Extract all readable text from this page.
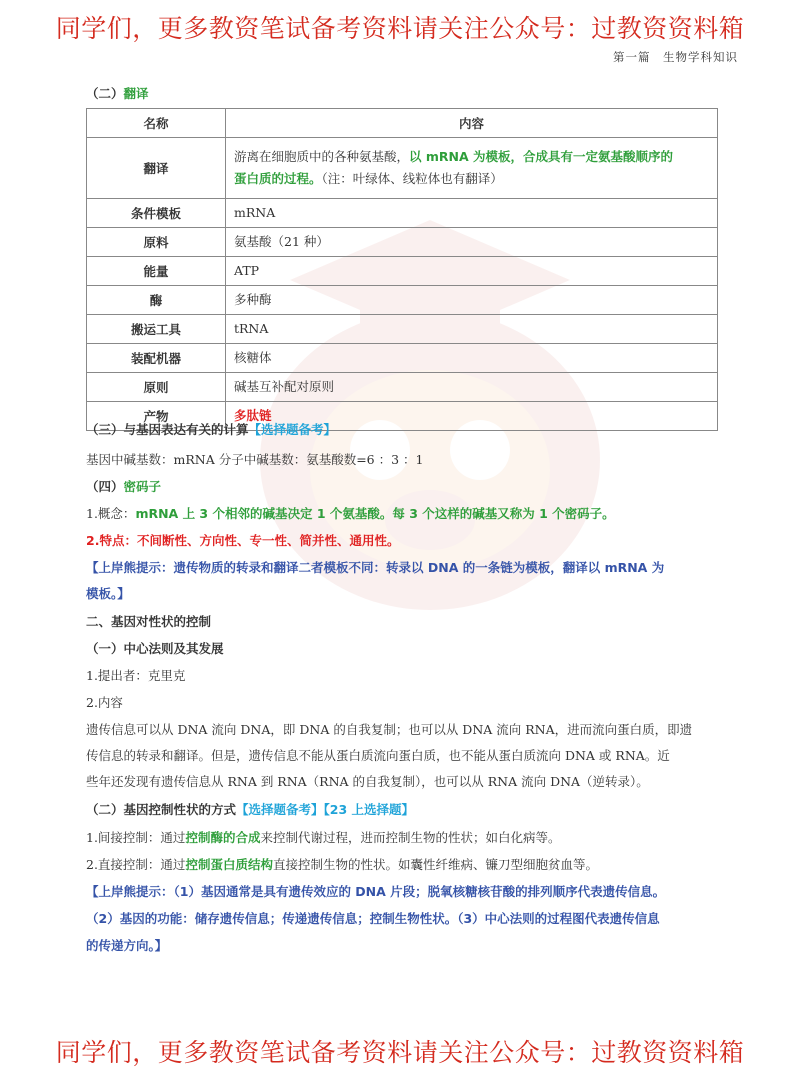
同学们，更多教资笔试备考资料请关注公众号：过教资资料箱
第一篇　生物学科知识
（二）翻译
名称	内容
翻译	游离在细胞质中的各种氨基酸，以 mRNA 为模板，合成具有一定氨基酸顺序的
蛋白质的过程。（注：叶绿体、线粒体也有翻译）
条件模板	mRNA
原料	氨基酸（21 种）
能量	ATP
酶	多种酶
搬运工具	tRNA
装配机器	核糖体
原则	碱基互补配对原则
产物	多肽链
（三）与基因表达有关的计算【选择题备考】
基因中碱基数：mRNA 分子中碱基数：氨基酸数=6 ：3 ：1
（四）密码子
1.概念：mRNA 上 3 个相邻的碱基决定 1 个氨基酸。每 3 个这样的碱基又称为 1 个密码子。
2.特点：不间断性、方向性、专一性、简并性、通用性。
【上岸熊提示：遗传物质的转录和翻译二者模板不同：转录以 DNA 的一条链为模板，翻译以 mRNA 为
模板。】
二、基因对性状的控制
（一）中心法则及其发展
1.提出者：克里克
2.内容
遗传信息可以从 DNA 流向 DNA，即 DNA 的自我复制；也可以从 DNA 流向 RNA，进而流向蛋白质，即遗
传信息的转录和翻译。但是，遗传信息不能从蛋白质流向蛋白质，也不能从蛋白质流向 DNA 或 RNA。近
些年还发现有遗传信息从 RNA 到 RNA（RNA 的自我复制），也可以从 RNA 流向 DNA（逆转录）。
（二）基因控制性状的方式【选择题备考】【23 上选择题】
1.间接控制：通过控制酶的合成来控制代谢过程，进而控制生物的性状；如白化病等。
2.直接控制：通过控制蛋白质结构直接控制生物的性状。如囊性纤维病、镰刀型细胞贫血等。
【上岸熊提示：（1）基因通常是具有遗传效应的 DNA 片段；脱氧核糖核苷酸的排列顺序代表遗传信息。
（2）基因的功能：储存遗传信息；传递遗传信息；控制生物性状。（3）中心法则的过程图代表遗传信息
的传递方向。】
同学们，更多教资笔试备考资料请关注公众号：过教资资料箱
